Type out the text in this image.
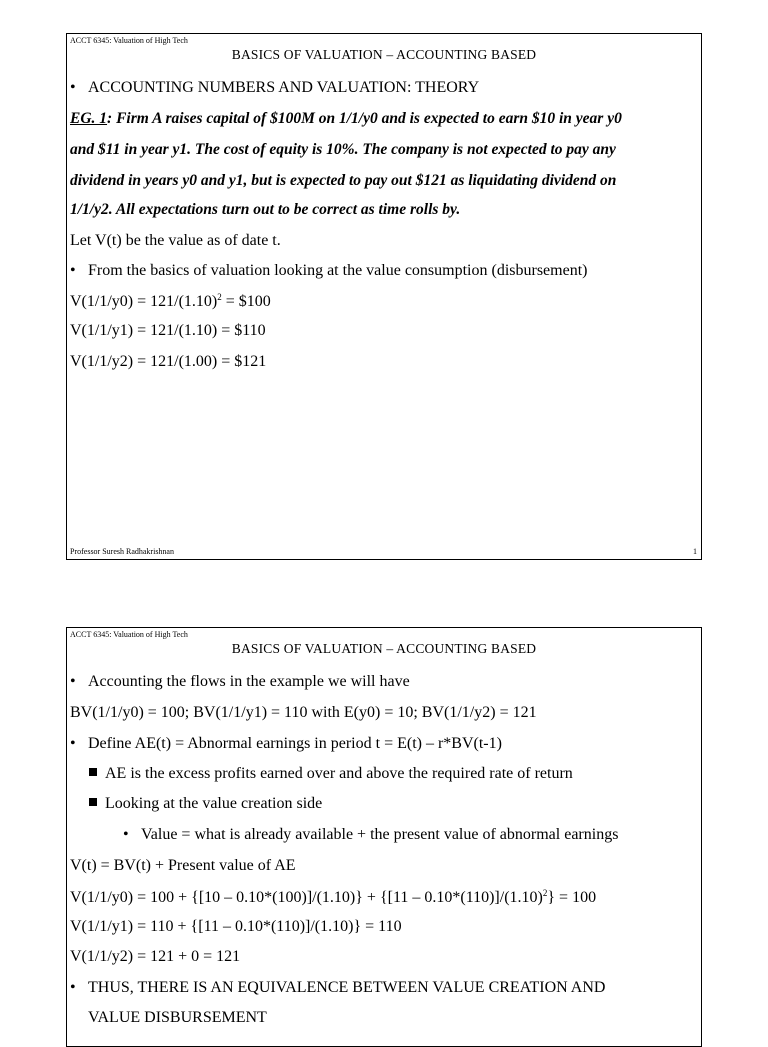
ACCT 6345: Valuation of High Tech
BASICS OF VALUATION – ACCOUNTING BASED
• ACCOUNTING NUMBERS AND VALUATION: THEORY
EG. 1: Firm A raises capital of $100M on 1/1/y0 and is expected to earn $10 in year y0
and $11 in year y1. The cost of equity is 10%. The company is not expected to pay any
dividend in years y0 and y1, but is expected to pay out $121 as liquidating dividend on
1/1/y2. All expectations turn out to be correct as time rolls by.
Let V(t) be the value as of date t.
• From the basics of valuation looking at the value consumption (disbursement)
$V(1/1/y0) = 121/(1.10)^2$ = $100
V(1/1/y1) = 121/(1.10) = $110
V(1/1/y2) = 121/(1.00) = $121
Professor Suresh Radhakrishnan	1
ACCT 6345: Valuation of High Tech
BASICS OF VALUATION – ACCOUNTING BASED
• Accounting the flows in the example we will have
BV(1/1/y0) = 100; BV(1/1/y1) = 110 with E(y0) = 10; BV(1/1/y2) = 121
• Define AE(t) = Abnormal earnings in period t = E(t) – r*BV(t-1)
AE is the excess profits earned over and above the required rate of return
Looking at the value creation side
• Value = what is already available + the present value of abnormal earnings
V(t) = BV(t) + Present value of AE
$V(1/1/y0) = 100 + \{[10 - 0.10*(100)]/(1.10)\} + \{[11 - 0.10*(110)]/(1.10)^2\} = 100$
V(1/1/y1) = 110 + {[11 – 0.10*(110)]/(1.10)} = 110
V(1/1/y2) = 121 + 0 = 121
• THUS, THERE IS AN EQUIVALENCE BETWEEN VALUE CREATION AND
VALUE DISBURSEMENT
